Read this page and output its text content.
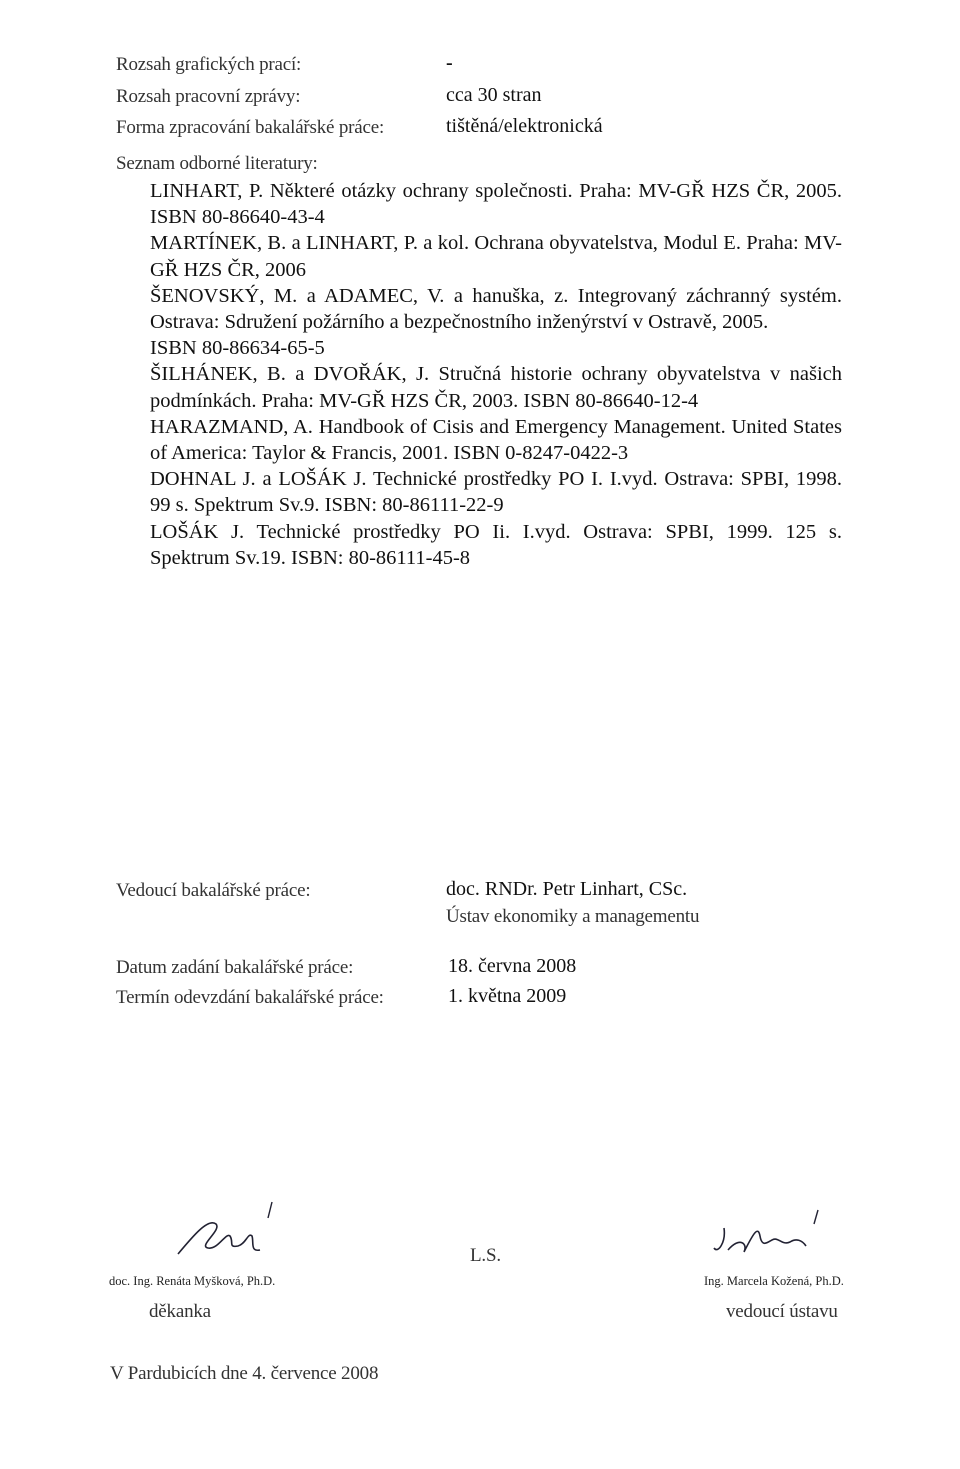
Rozsah grafických prací:	-
Rozsah pracovní zprávy:	cca 30 stran
Forma zpracování bakalářské práce:	tištěná/elektronická
Seznam odborné literatury:
LINHART, P. Některé otázky ochrany společnosti. Praha: MV-GŘ HZS ČR, 2005. ISBN 80-86640-43-4
MARTÍNEK, B. a LINHART, P. a kol. Ochrana obyvatelstva, Modul E. Praha: MV-GŘ HZS ČR, 2006
ŠENOVSKÝ, M. a ADAMEC, V. a hanuška, z. Integrovaný záchranný systém. Ostrava: Sdružení požárního a bezpečnostního inženýrství v Ostravě, 2005.
ISBN 80-86634-65-5
ŠILHÁNEK, B. a DVOŘÁK, J. Stručná historie ochrany obyvatelstva v našich podmínkách. Praha: MV-GŘ HZS ČR, 2003. ISBN 80-86640-12-4
HARAZMAND, A. Handbook of Cisis and Emergency Management. United States of America: Taylor & Francis, 2001. ISBN 0-8247-0422-3
DOHNAL J. a LOŠÁK J. Technické prostředky PO I. I.vyd. Ostrava: SPBI, 1998. 99 s. Spektrum Sv.9. ISBN: 80-86111-22-9
LOŠÁK J. Technické prostředky PO Ii. I.vyd. Ostrava: SPBI, 1999. 125 s. Spektrum Sv.19. ISBN: 80-86111-45-8
Vedoucí bakalářské práce:	doc. RNDr. Petr Linhart, CSc.
Ústav ekonomiky a managementu
Datum zadání bakalářské práce:	18. června 2008
Termín odevzdání bakalářské práce:	1. května 2009
doc. Ing. Renáta Myšková, Ph.D.
děkanka
L.S.
Ing. Marcela Kožená, Ph.D.
vedoucí ústavu
V Pardubicích dne 4. července 2008
